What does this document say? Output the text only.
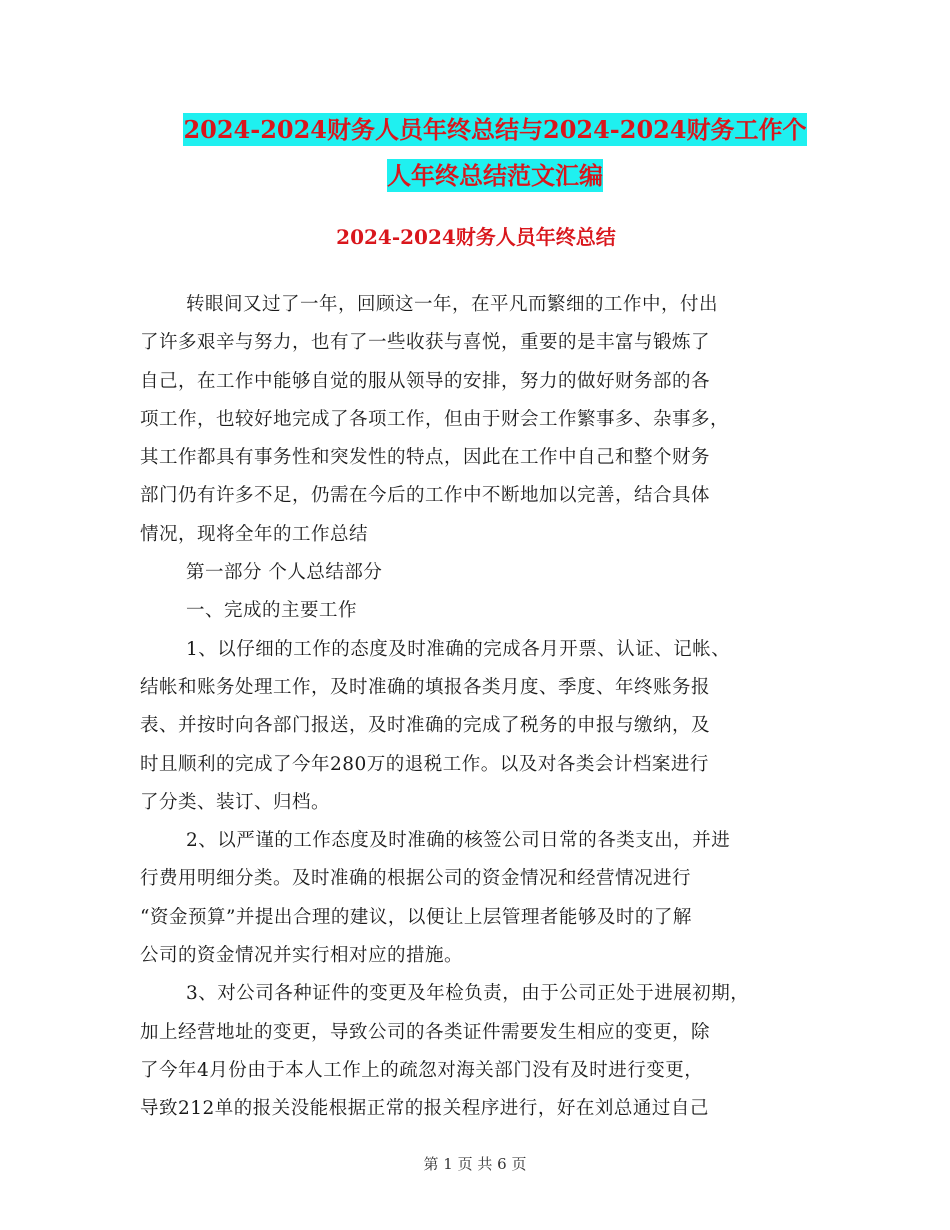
2024-2024财务人员年终总结与2024-2024财务工作个
人年终总结范文汇编
2024-2024财务人员年终总结
转眼间又过了一年，回顾这一年，在平凡而繁细的工作中，付出
了许多艰辛与努力，也有了一些收获与喜悦，重要的是丰富与锻炼了
自己，在工作中能够自觉的服从领导的安排，努力的做好财务部的各
项工作，也较好地完成了各项工作，但由于财会工作繁事多、杂事多，
其工作都具有事务性和突发性的特点，因此在工作中自己和整个财务
部门仍有许多不足，仍需在今后的工作中不断地加以完善，结合具体
情况，现将全年的工作总结
第一部分 个人总结部分
一、完成的主要工作
1、以仔细的工作的态度及时准确的完成各月开票、认证、记帐、
结帐和账务处理工作，及时准确的填报各类月度、季度、年终账务报
表、并按时向各部门报送，及时准确的完成了税务的申报与缴纳，及
时且顺利的完成了今年280万的退税工作。以及对各类会计档案进行
了分类、装订、归档。
2、以严谨的工作态度及时准确的核签公司日常的各类支出，并进
行费用明细分类。及时准确的根据公司的资金情况和经营情况进行
“资金预算”并提出合理的建议，以便让上层管理者能够及时的了解
公司的资金情况并实行相对应的措施。
3、对公司各种证件的变更及年检负责，由于公司正处于进展初期，
加上经营地址的变更，导致公司的各类证件需要发生相应的变更，除
了今年4月份由于本人工作上的疏忽对海关部门没有及时进行变更，
导致212单的报关没能根据正常的报关程序进行，好在刘总通过自己
第 1 页 共 6 页
